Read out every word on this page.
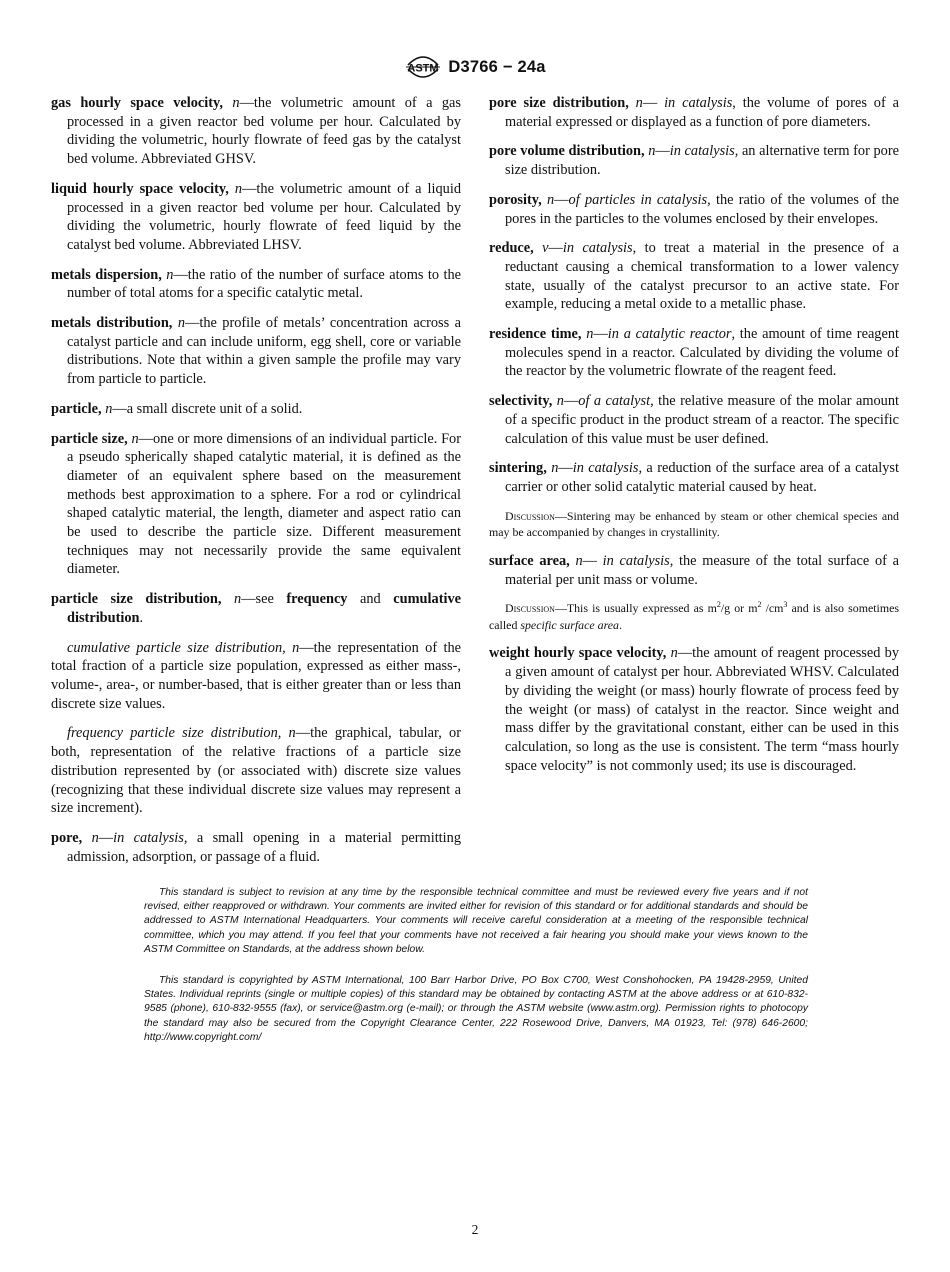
ASTM D3766 − 24a

gas hourly space velocity, n—the volumetric amount of a gas processed in a given reactor bed volume per hour. Calculated by dividing the volumetric, hourly flowrate of feed gas by the catalyst bed volume. Abbreviated GHSV.

liquid hourly space velocity, n—the volumetric amount of a liquid processed in a given reactor bed volume per hour. Calculated by dividing the volumetric, hourly flowrate of feed liquid by the catalyst bed volume. Abbreviated LHSV.

metals dispersion, n—the ratio of the number of surface atoms to the number of total atoms for a specific catalytic metal.

metals distribution, n—the profile of metals’ concentration across a catalyst particle and can include uniform, egg shell, core or variable distributions. Note that within a given sample the profile may vary from particle to particle.

particle, n—a small discrete unit of a solid.

particle size, n—one or more dimensions of an individual particle. For a pseudo spherically shaped catalytic material, it is defined as the diameter of an equivalent sphere based on the measurement methods best approximation to a sphere. For a rod or cylindrical shaped catalytic material, the length, diameter and aspect ratio can be used to describe the particle size. Different measurement techniques may not necessarily provide the same equivalent diameter.

particle size distribution, n—see frequency and cumulative distribution.

cumulative particle size distribution, n—the representation of the total fraction of a particle size population, expressed as either mass-, volume-, area-, or number-based, that is either greater than or less than discrete size values.

frequency particle size distribution, n—the graphical, tabular, or both, representation of the relative fractions of a particle size distribution represented by (or associated with) discrete size values (recognizing that these individual discrete size values may represent a size increment).

pore, n—in catalysis, a small opening in a material permitting admission, adsorption, or passage of a fluid.

pore size distribution, n— in catalysis, the volume of pores of a material expressed or displayed as a function of pore diameters.

pore volume distribution, n—in catalysis, an alternative term for pore size distribution.

porosity, n—of particles in catalysis, the ratio of the volumes of the pores in the particles to the volumes enclosed by their envelopes.

reduce, v—in catalysis, to treat a material in the presence of a reductant causing a chemical transformation to a lower valency state, usually of the catalyst precursor to an active state. For example, reducing a metal oxide to a metallic phase.

residence time, n—in a catalytic reactor, the amount of time reagent molecules spend in a reactor. Calculated by dividing the volume of the reactor by the volumetric flowrate of the reagent feed.

selectivity, n—of a catalyst, the relative measure of the molar amount of a specific product in the product stream of a reactor. The specific calculation of this value must be user defined.

sintering, n—in catalysis, a reduction of the surface area of a catalyst carrier or other solid catalytic material caused by heat.

Discussion—Sintering may be enhanced by steam or other chemical species and may be accompanied by changes in crystallinity.

surface area, n— in catalysis, the measure of the total surface of a material per unit mass or volume.

Discussion—This is usually expressed as $m^2/g$ or $m^2$ $/cm^3$ and is also sometimes called specific surface area.

weight hourly space velocity, n—the amount of reagent processed by a given amount of catalyst per hour. Abbreviated WHSV. Calculated by dividing the weight (or mass) hourly flowrate of process feed by the weight (or mass) of catalyst in the reactor. Since weight and mass differ by the gravitational constant, either can be used in this calculation, so long as the use is consistent. The term “mass hourly space velocity” is not commonly used; its use is discouraged.

This standard is subject to revision at any time by the responsible technical committee and must be reviewed every five years and if not revised, either reapproved or withdrawn. Your comments are invited either for revision of this standard or for additional standards and should be addressed to ASTM International Headquarters. Your comments will receive careful consideration at a meeting of the responsible technical committee, which you may attend. If you feel that your comments have not received a fair hearing you should make your views known to the ASTM Committee on Standards, at the address shown below.

This standard is copyrighted by ASTM International, 100 Barr Harbor Drive, PO Box C700, West Conshohocken, PA 19428-2959, United States. Individual reprints (single or multiple copies) of this standard may be obtained by contacting ASTM at the above address or at 610-832-9585 (phone), 610-832-9555 (fax), or service@astm.org (e-mail); or through the ASTM website (www.astm.org). Permission rights to photocopy the standard may also be secured from the Copyright Clearance Center, 222 Rosewood Drive, Danvers, MA 01923, Tel: (978) 646-2600; http://www.copyright.com/

2
